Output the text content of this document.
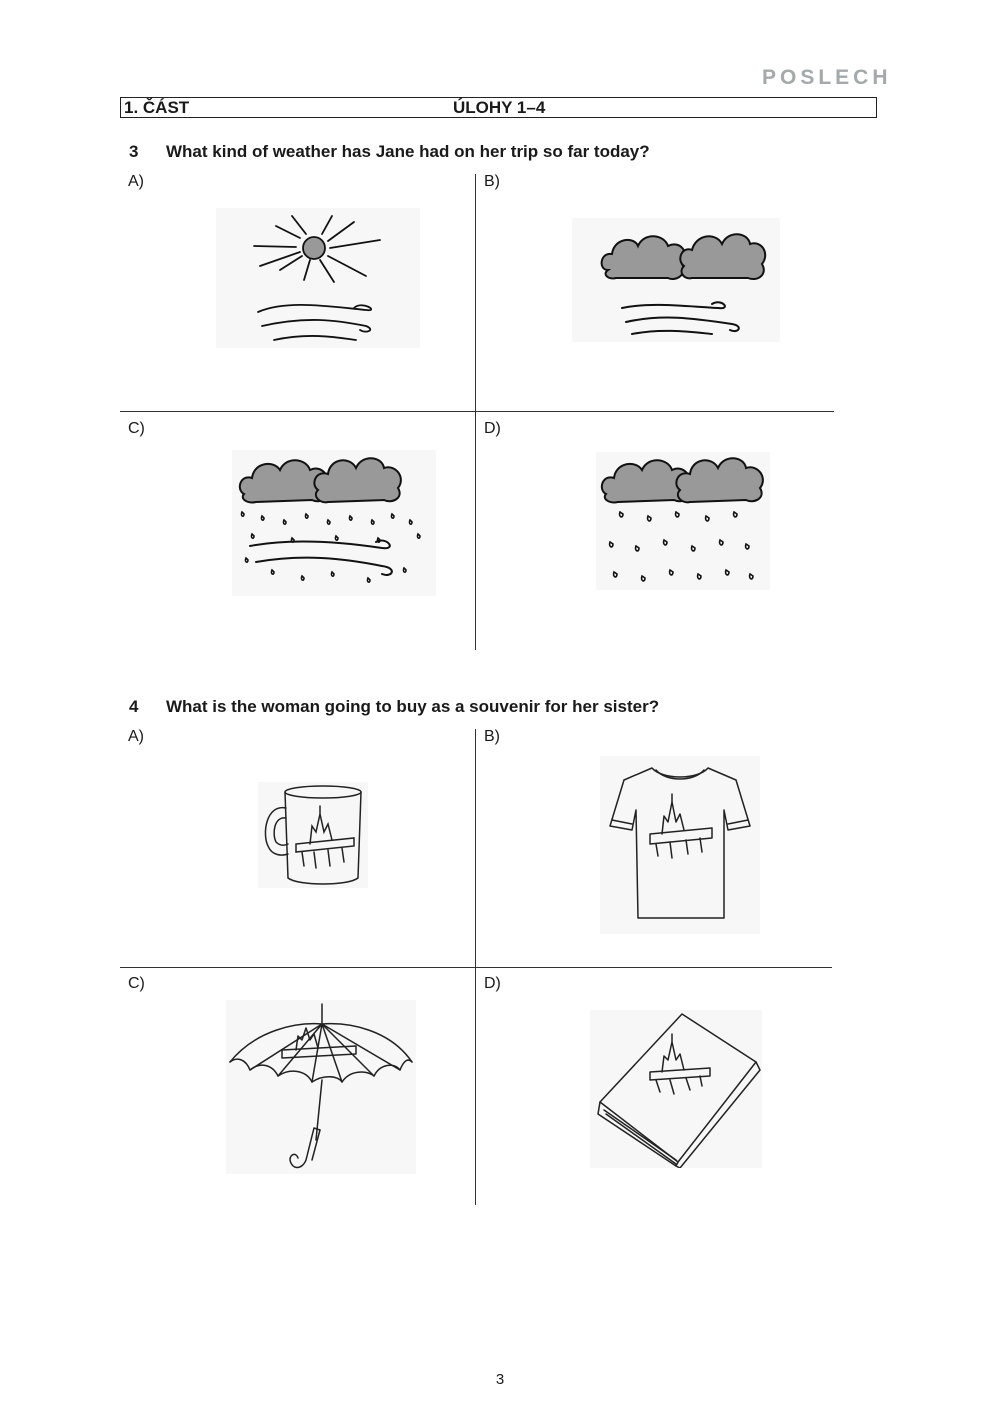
POSLECH
1. ČÁST	ÚLOHY 1–4
3 What kind of weather has Jane had on her trip so far today?
A)	B)
C)	D)
4 What is the woman going to buy as a souvenir for her sister?
A)	B)
C)	D)
3
